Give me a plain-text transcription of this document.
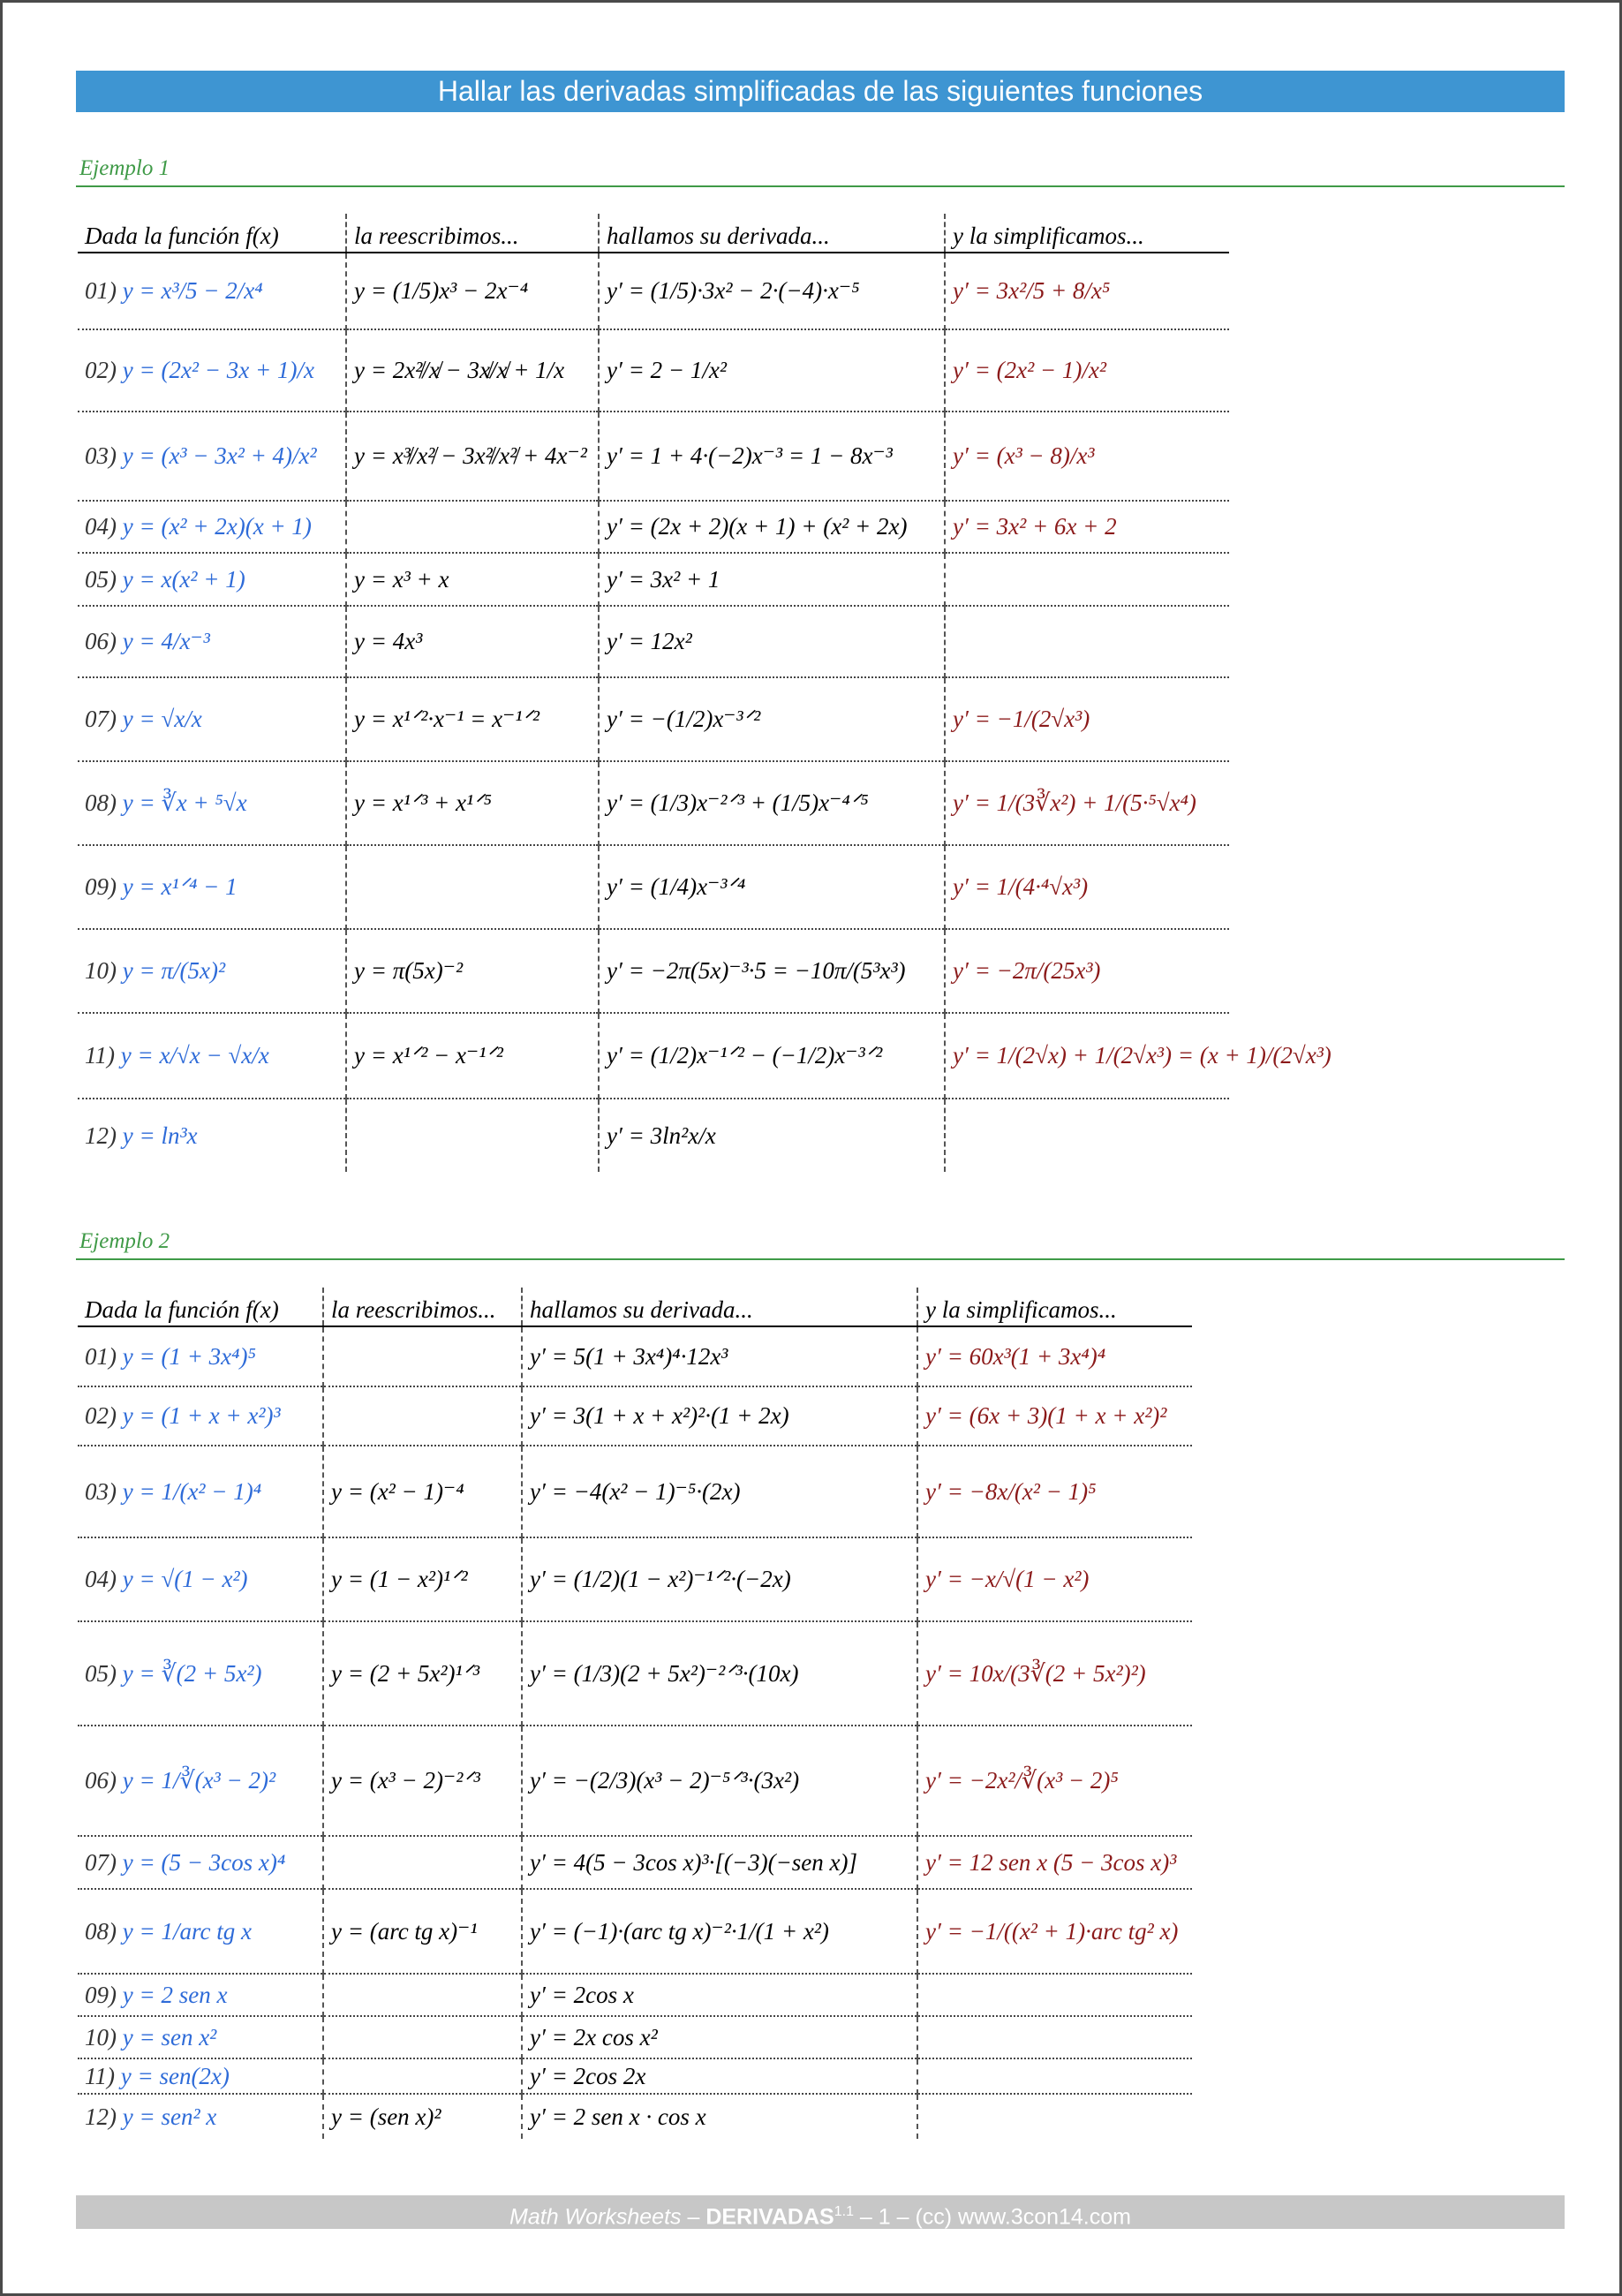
Hallar las derivadas simplificadas de las siguientes funciones
Ejemplo 1
Dada la función f(x)	la reescribimos...	hallamos su derivada...	y la simplificamos...
01) y = x³/5 − 2/x⁴	y = (1/5)x³ − 2x⁻⁴	y′ = (1/5)·3x² − 2·(−4)·x⁻⁵	y′ = 3x²/5 + 8/x⁵
02) y = (2x² − 3x + 1)/x	y = 2x²̸/x̸ − 3x̸/x̸ + 1/x	y′ = 2 − 1/x²	y′ = (2x² − 1)/x²
03) y = (x³ − 3x² + 4)/x²	y = x³̸/x²̸ − 3x²̸/x²̸ + 4x⁻²	y′ = 1 + 4·(−2)x⁻³ = 1 − 8x⁻³	y′ = (x³ − 8)/x³
04) y = (x² + 2x)(x + 1)		y′ = (2x + 2)(x + 1) + (x² + 2x)	y′ = 3x² + 6x + 2
05) y = x(x² + 1)	y = x³ + x	y′ = 3x² + 1	
06) y = 4/x⁻³	y = 4x³	y′ = 12x²	
07) y = √x/x	y = x¹ᐟ²·x⁻¹ = x⁻¹ᐟ²	y′ = −(1/2)x⁻³ᐟ²	y′ = −1/(2√x³)
08) y = ∛x + ⁵√x	y = x¹ᐟ³ + x¹ᐟ⁵	y′ = (1/3)x⁻²ᐟ³ + (1/5)x⁻⁴ᐟ⁵	y′ = 1/(3∛x²) + 1/(5·⁵√x⁴)
09) y = x¹ᐟ⁴ − 1		y′ = (1/4)x⁻³ᐟ⁴	y′ = 1/(4·⁴√x³)
10) y = π/(5x)²	y = π(5x)⁻²	y′ = −2π(5x)⁻³·5 = −10π/(5³x³)	y′ = −2π/(25x³)
11) y = x/√x − √x/x	y = x¹ᐟ² − x⁻¹ᐟ²	y′ = (1/2)x⁻¹ᐟ² − (−1/2)x⁻³ᐟ²	y′ = 1/(2√x) + 1/(2√x³) = (x + 1)/(2√x³)
12) y = ln³x		y′ = 3ln²x/x	
Ejemplo 2
Dada la función f(x)	la reescribimos...	hallamos su derivada...	y la simplificamos...
01) y = (1 + 3x⁴)⁵		y′ = 5(1 + 3x⁴)⁴·12x³	y′ = 60x³(1 + 3x⁴)⁴
02) y = (1 + x + x²)³		y′ = 3(1 + x + x²)²·(1 + 2x)	y′ = (6x + 3)(1 + x + x²)²
03) y = 1/(x² − 1)⁴	y = (x² − 1)⁻⁴	y′ = −4(x² − 1)⁻⁵·(2x)	y′ = −8x/(x² − 1)⁵
04) y = √(1 − x²)	y = (1 − x²)¹ᐟ²	y′ = (1/2)(1 − x²)⁻¹ᐟ²·(−2x)	y′ = −x/√(1 − x²)
05) y = ∛(2 + 5x²)	y = (2 + 5x²)¹ᐟ³	y′ = (1/3)(2 + 5x²)⁻²ᐟ³·(10x)	y′ = 10x/(3∛(2 + 5x²)²)
06) y = 1/∛(x³ − 2)²	y = (x³ − 2)⁻²ᐟ³	y′ = −(2/3)(x³ − 2)⁻⁵ᐟ³·(3x²)	y′ = −2x²/∛(x³ − 2)⁵
07) y = (5 − 3cos x)⁴		y′ = 4(5 − 3cos x)³·[(−3)(−sen x)]	y′ = 12 sen x (5 − 3cos x)³
08) y = 1/arc tg x	y = (arc tg x)⁻¹	y′ = (−1)·(arc tg x)⁻²·1/(1 + x²)	y′ = −1/((x² + 1)·arc tg² x)
09) y = 2 sen x		y′ = 2cos x	
10) y = sen x²		y′ = 2x cos x²	
11) y = sen(2x)		y′ = 2cos 2x	
12) y = sen² x	y = (sen x)²	y′ = 2 sen x · cos x	
Math Worksheets – $DERIVADAS^{1.1} - 1 - (cc)$ www.3con14.com
